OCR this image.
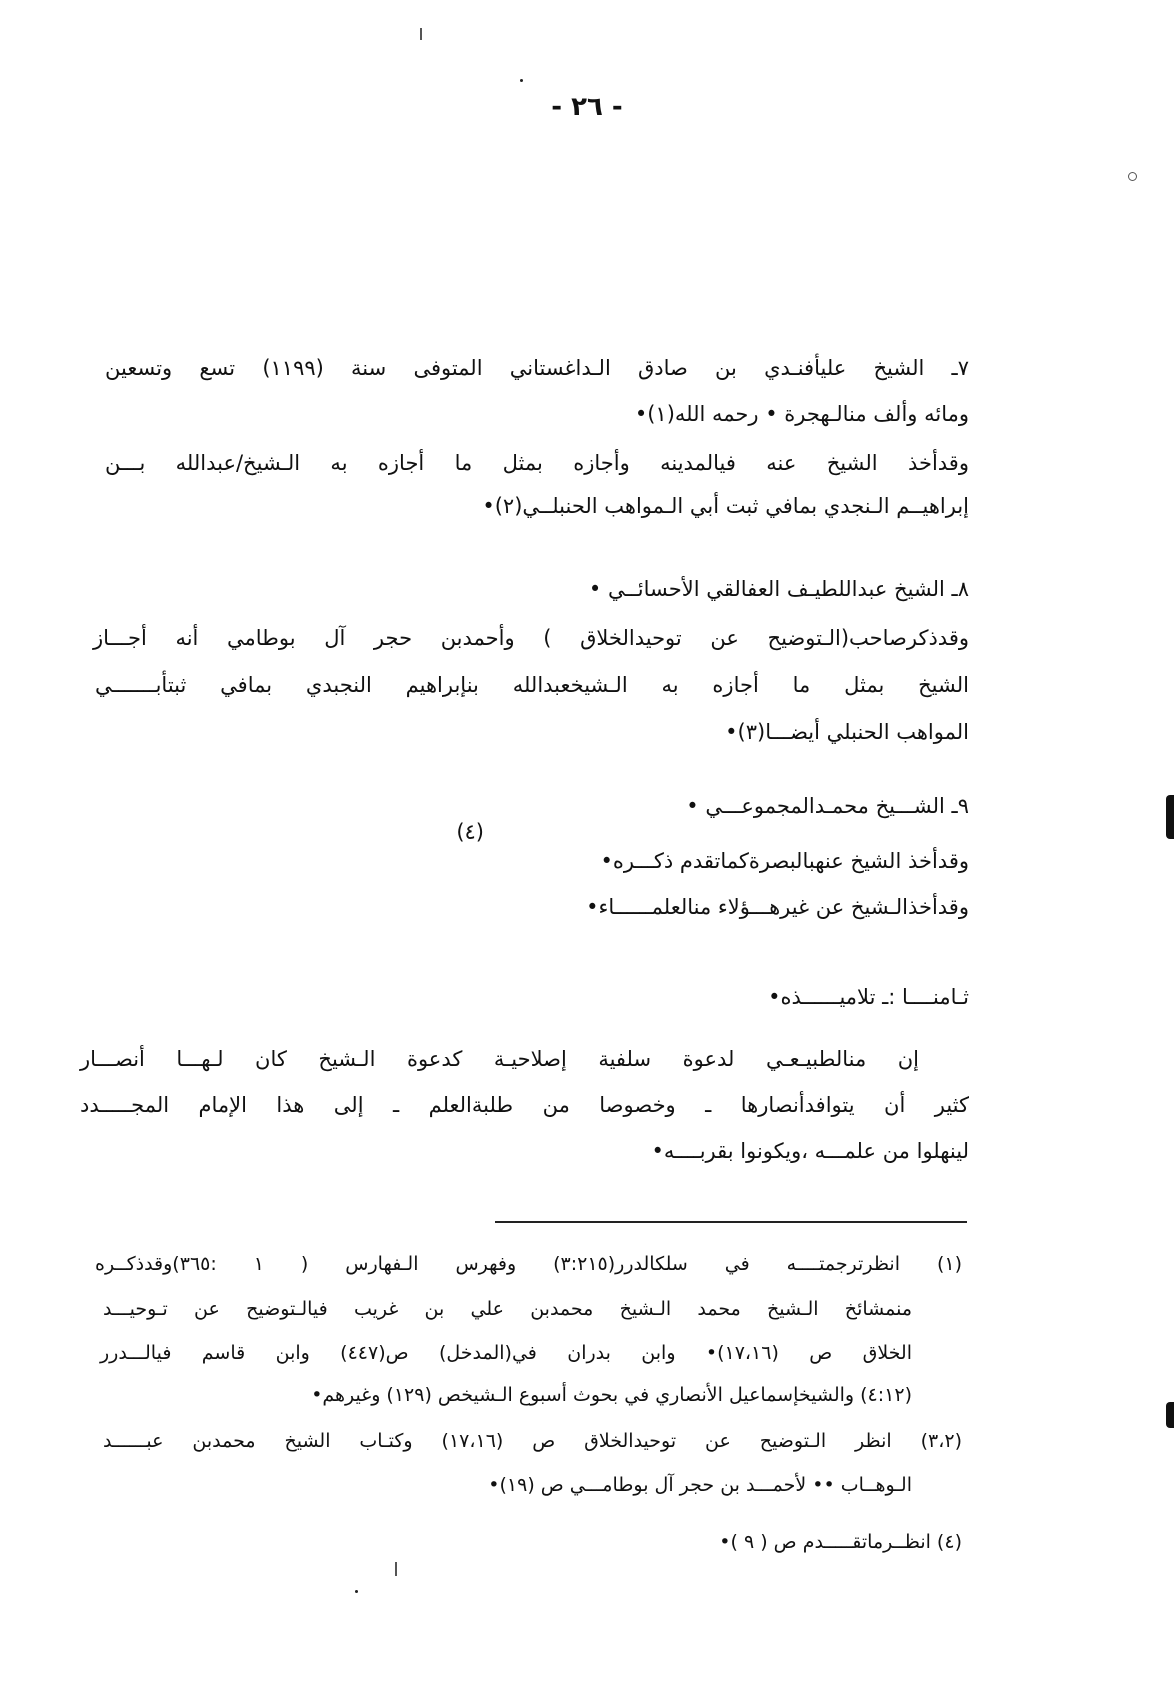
- ٢٦ -
٧ـ الشيخ عليأفنـدي بن صادق الـداغستاني المتوفى سنة (١١٩٩) تسع وتسعين
ومائه وألف منالـهجرة • رحمه الله(١)•
وقدأخذ الشيخ عنه فيالمدينه وأجازه بمثل ما أجازه به الـشيخ/عبدالله بـــن
إبراهيــم الـنجدي بمافي ثبت أبي الـمواهب الحنبلــي(٢)•
٨ـ الشيخ عبداللطيـف العفالقي الأحسائــي •
وقدذكرصاحب(الـتوضيح عن توحيدالخلاق ) وأحمدبن حجر آل بوطامي أنه أجـــاز
الشيخ بمثل ما أجازه به الـشيخعبدالله بنإبراهيم النجبدي بمافي ثبتأبـــــــي
المواهب الحنبلي أيضـــا(٣)•
٩ـ الشـــيخ محمـدالمجموعـــي •
(٤)
وقدأخذ الشيخ عنهبالبصرةكماتقدم ذكـــره•
وقدأخذالـشيخ عن غيرهـــؤلاء منالعلمــــــاء•
ثـامنــــا :ـ تلاميــــــذه•
إن منالطبيـعـي لدعوة سلفية إصلاحيـة كدعوة الـشيخ كان لـهـــا أنصـــار
كثير أن يتوافدأنصارها ـ وخصوصا من طلبةالعلم ـ إلى هذا الإمام المجـــــدد
لينهلوا من علمـــه ،ويكونوا بقربــــه•
(١) انظرترجمتــــه في سلكالدرر(٣:٢١٥) وفهرس الـفهارس ( ١ :٣٦٥)وقدذكــره
منمشائخ الـشيخ محمد الـشيخ محمدبن علي بن غريب فيالـتوضيح عن تـوحيـــد
الخلاق ص (١٧،١٦)• وابن بدران في(المدخل) ص(٤٤٧) وابن قاسم فيالـــدرر
(٤:١٢) والشيخإسماعيل الأنصاري في بحوث أسبوع الـشيخص (١٢٩) وغيرهم•
(٣،٢) انظر الـتوضيح عن توحيدالخلاق ص (١٧،١٦) وكتـاب الشيخ محمدبن عبــــــد
الـوهــاب •• لأحمـــد بن حجر آل بوطامـــي ص (١٩)•
(٤) انظــرماتقـــــدم ص ( ٩ )•
